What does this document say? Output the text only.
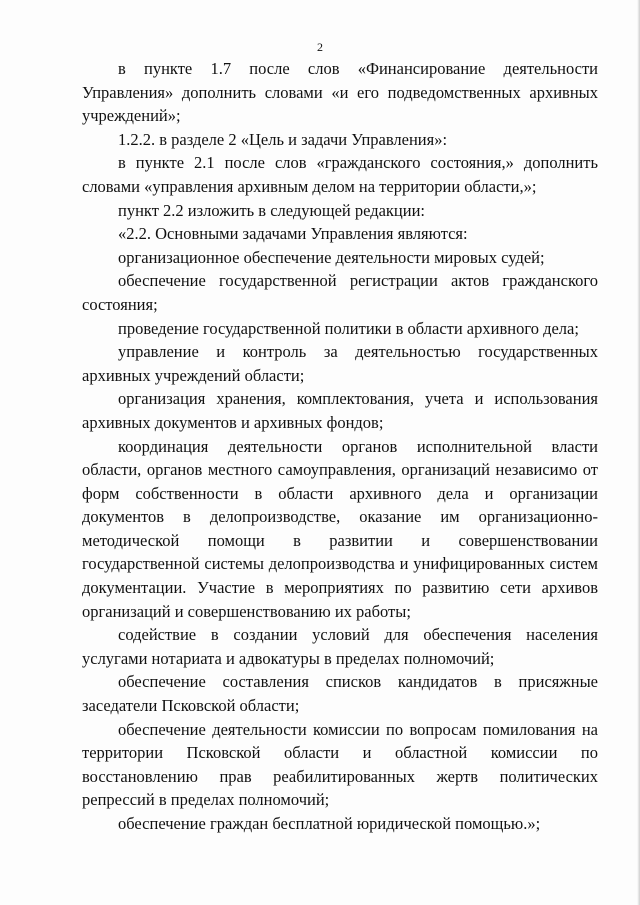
2

в пункте 1.7 после слов «Финансирование деятельности Управления» дополнить словами «и его подведомственных архивных учреждений»;

1.2.2. в разделе 2 «Цель и задачи Управления»:

в пункте 2.1 после слов «гражданского состояния,» дополнить словами «управления архивным делом на территории области,»;

пункт 2.2 изложить в следующей редакции:

«2.2. Основными задачами Управления являются:

организационное обеспечение деятельности мировых судей;

обеспечение государственной регистрации актов гражданского состояния;

проведение государственной политики в области архивного дела;

управление и контроль за деятельностью государственных архивных учреждений области;

организация хранения, комплектования, учета и использования архивных документов и архивных фондов;

координация деятельности органов исполнительной власти области, органов местного самоуправления, организаций независимо от форм собственности в области архивного дела и организации документов в делопроизводстве, оказание им организационно-методической помощи в развитии и совершенствовании государственной системы делопроизводства и унифицированных систем документации. Участие в мероприятиях по развитию сети архивов организаций и совершенствованию их работы;

содействие в создании условий для обеспечения населения услугами нотариата и адвокатуры в пределах полномочий;

обеспечение составления списков кандидатов в присяжные заседатели Псковской области;

обеспечение деятельности комиссии по вопросам помилования на территории Псковской области и областной комиссии по восстановлению прав реабилитированных жертв политических репрессий в пределах полномочий;

обеспечение граждан бесплатной юридической помощью.»;
